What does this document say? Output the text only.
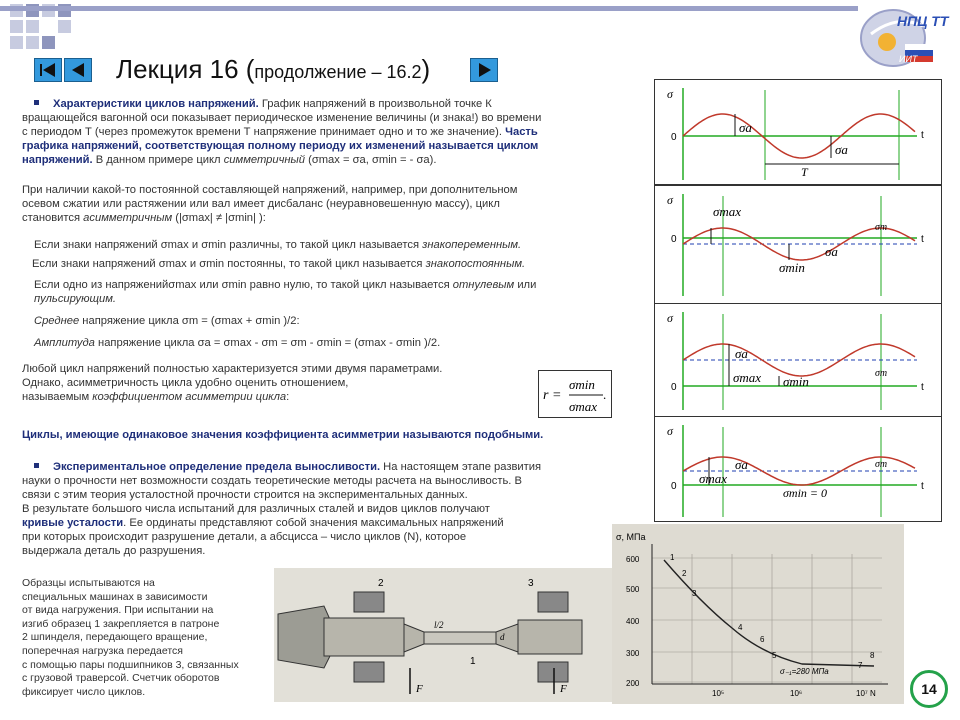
НПЦ ТТ
ИИТ
Лекция 16 (продолжение – 16.2)
Характеристики циклов напряжений. График напряжений в произвольной точке К
вращающейся вагонной оси показывает периодическое изменение величины (и знака!) во времени
с периодом Т (через промежуток времени Т напряжение принимает одно и то же значение). Часть
графика напряжений, соответствующая полному периоду их изменений называется циклом
напряжений. В данном примере цикл симметричный (σmax = σa, σmin = - σa).
При наличии какой-то постоянной составляющей напряжений, например, при дополнительном
осевом сжатии или растяжении или вал имеет дисбаланс (неуравновешенную массу), цикл
становится асимметричным (|σmax| ≠ |σmin| ):
Если знаки напряжений σmax и σmin различны, то такой цикл называется знакопеременным.
Если знаки напряжений σmax и σmin постоянны, то такой цикл называется знакопостоянным.
Если одно из напряженийσmax или σmin равно нулю, то такой цикл называется отнулевым или
пульсирующим.
Среднее напряжение цикла σm = (σmax + σmin )/2:
Амплитуда напряжение цикла σa = σmax - σm = σm - σmin = (σmax - σmin )/2.
Любой цикл напряжений полностью характеризуется этими двумя параметрами.
Однако, асимметричность цикла удобно оценить отношением,
называемым коэффициентом асимметрии цикла:	r =
σmin
σmax
.
Циклы, имеющие одинаковое значения коэффициента асимметрии называются подобными.
Экспериментальное определение предела выносливости. На настоящем этапе развития
науки о прочности нет возможности создать теоретические методы расчета на выносливость. В
связи с этим теория усталостной прочности строится на экспериментальных данных.
В результате большого числа испытаний для различных сталей и видов циклов получают
кривые усталости. Ее ординаты представляют собой значения максимальных напряжений
при которых происходит разрушение детали, а абсцисса – число циклов (N), которое
выдержала деталь до разрушения.
Образцы испытываются на
специальных машинах в зависимости
от вида нагружения. При испытании на
изгиб образец 1 закрепляется в патроне
2 шпинделя, передающего вращение,
поперечная нагрузка передается
с помощью пары подшипников 3, связанных
с грузовой траверсой. Счетчик оборотов
фиксирует число циклов.
σ
0	t
σa
σa
T
σ
0	t
σmax
σmin
σa
σm
σ
0	t
σmax σmin
σa
σm
σ
0	t
σmax
σmin = 0
σa	σm
F	F
2	3
1
l/2
d
σ, МПа
600
500
400
300
200
10⁵	10⁶	10⁷ N
σ₋₁=280 МПа
1
2
3
4
5
6
7
8
14
